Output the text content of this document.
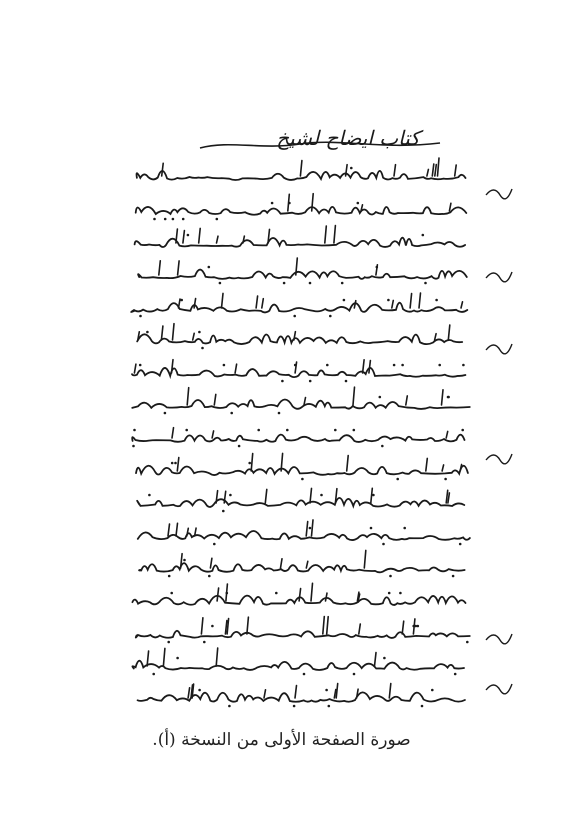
كتاب ايضاح لشيخ
صورة الصفحة الأولى من النسخة (أ).
